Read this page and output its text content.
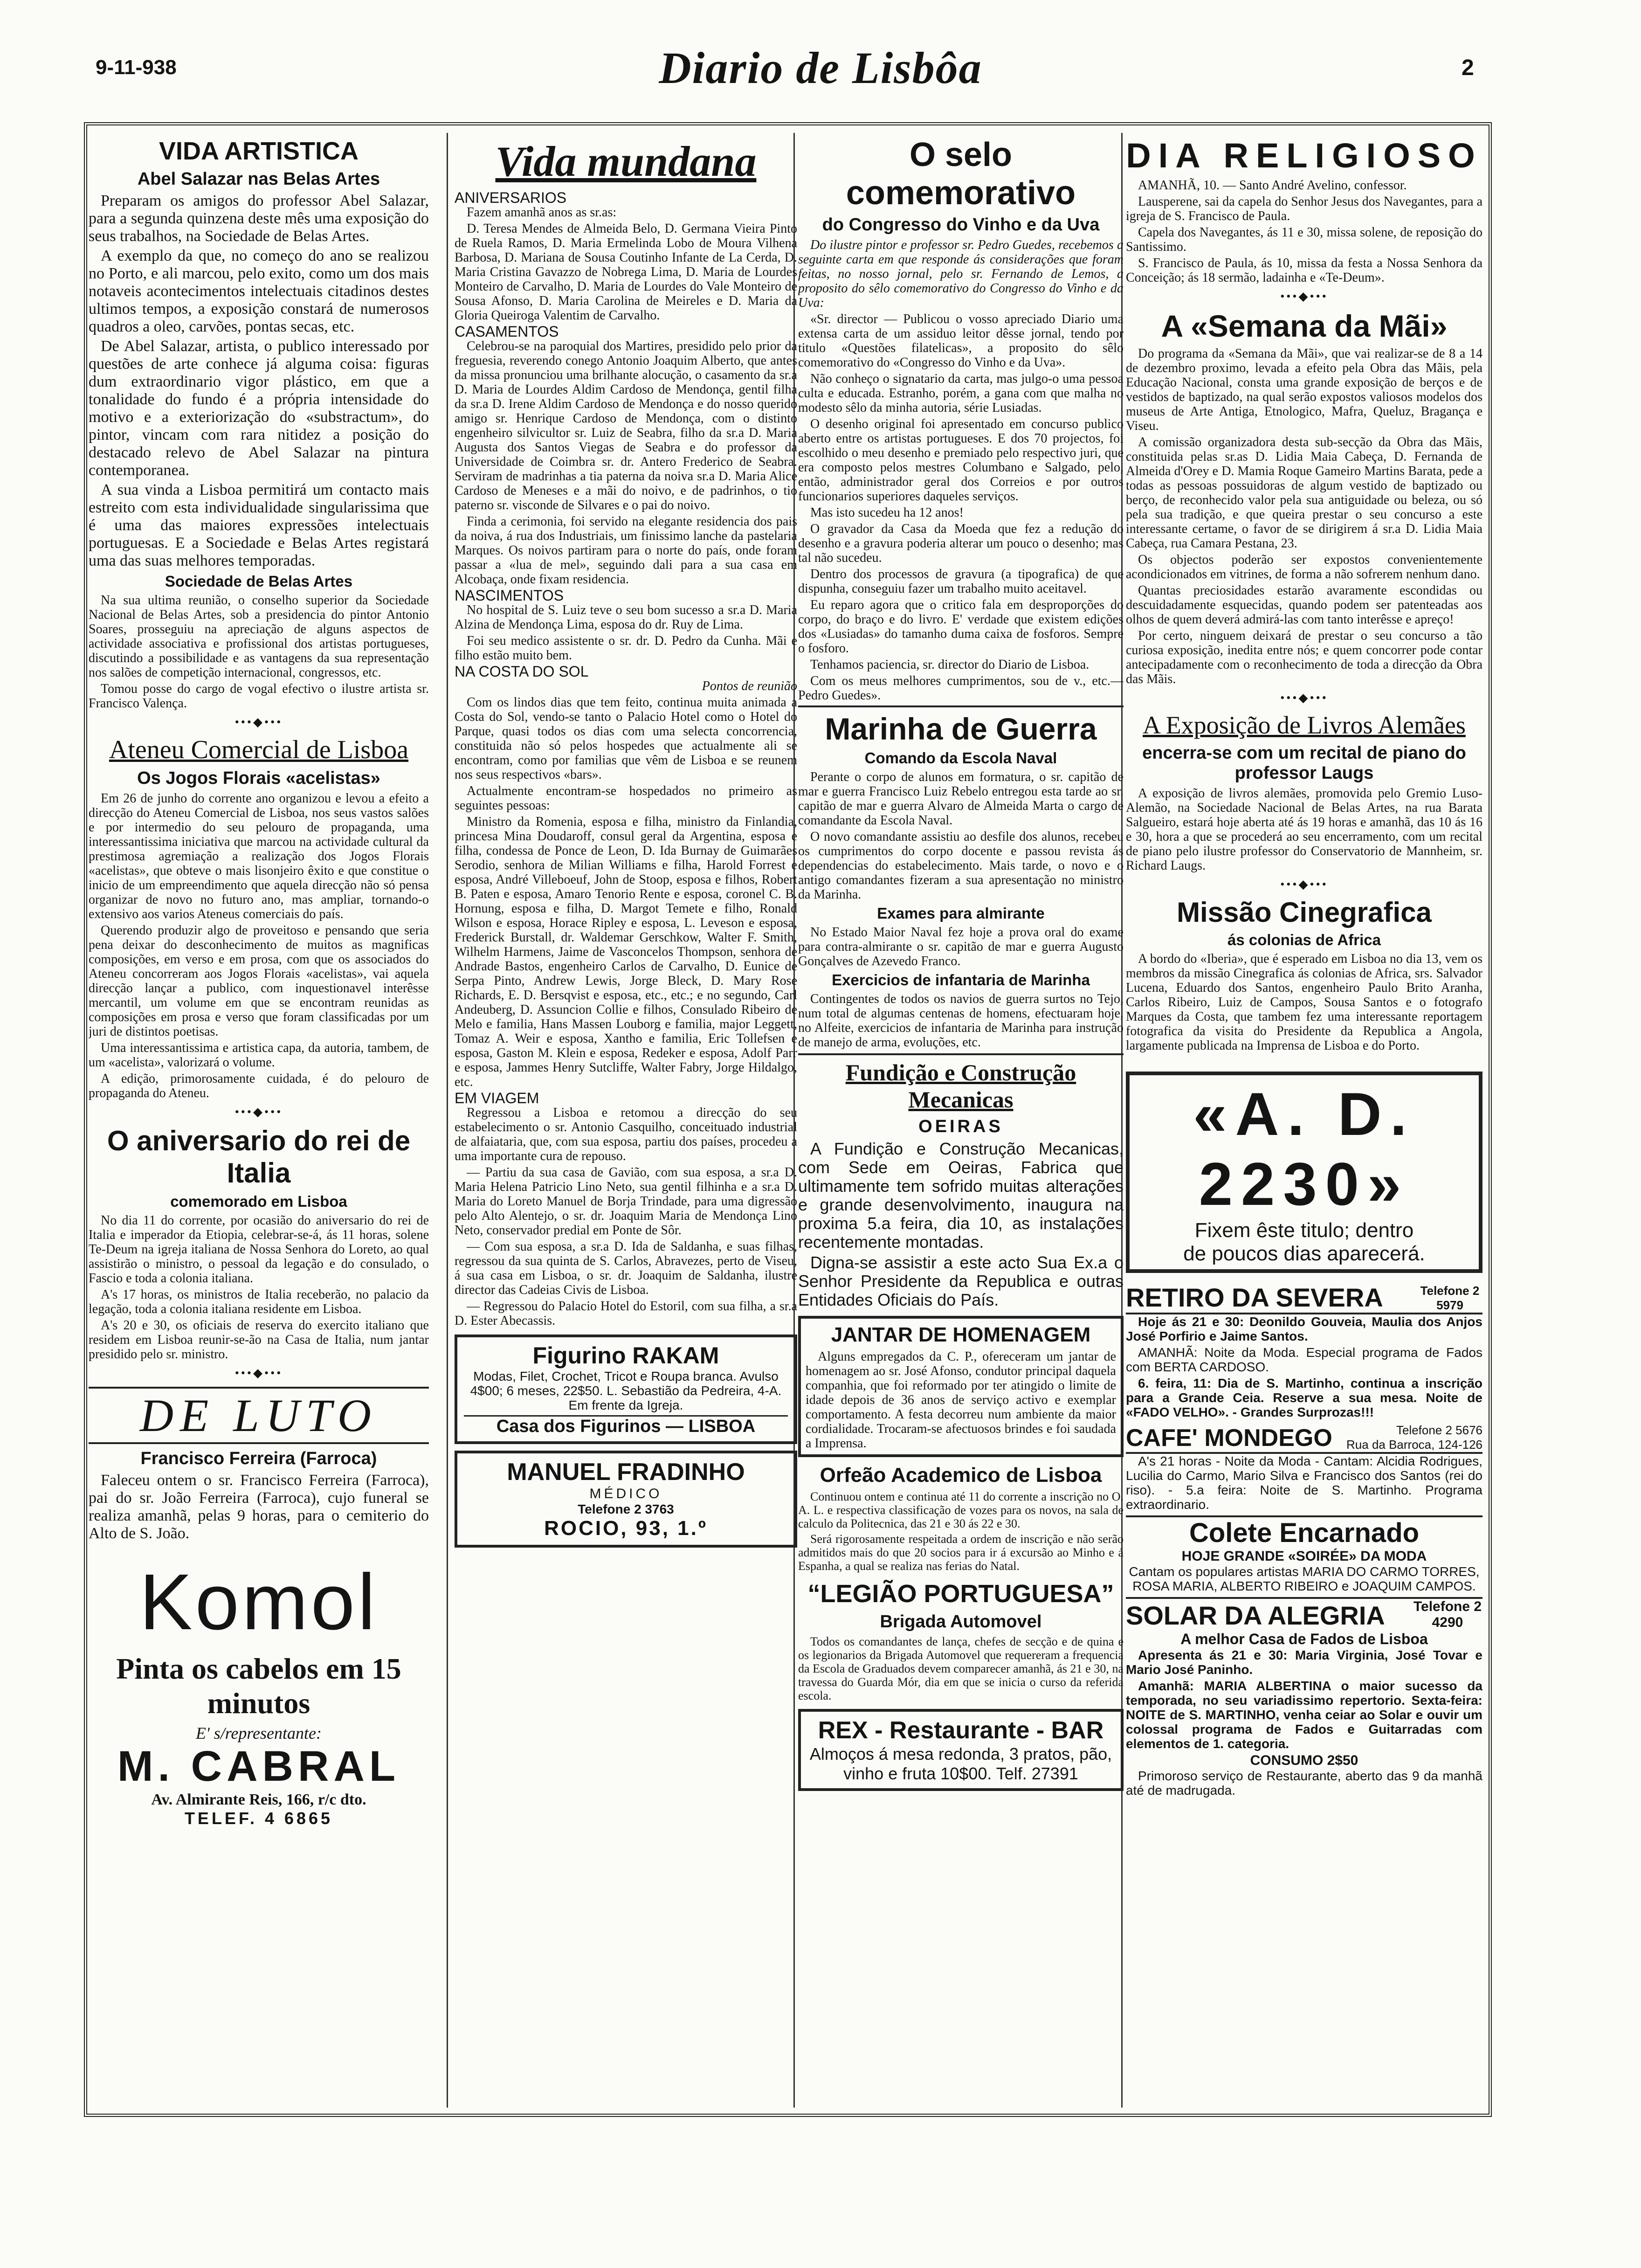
9-11-938	Diario de Lisbôa	2
VIDA ARTISTICA
Abel Salazar nas Belas Artes

Preparam os amigos do professor Abel Salazar, para a segunda quinzena deste mês uma exposição do seus trabalhos, na Sociedade de Belas Artes.

A exemplo da que, no começo do ano se realizou no Porto, e ali marcou, pelo exito, como um dos mais notaveis acontecimentos intelectuais citadinos destes ultimos tempos, a exposição constará de numerosos quadros a oleo, carvões, pontas secas, etc.

De Abel Salazar, artista, o publico interessado por questões de arte conhece já alguma coisa: figuras dum extraordinario vigor plástico, em que a tonalidade do fundo é a própria intensidade do motivo e a exteriorização do «substractum», do pintor, vincam com rara nitidez a posição do destacado relevo de Abel Salazar na pintura contemporanea.

A sua vinda a Lisboa permitirá um contacto mais estreito com esta individualidade singularissima que é uma das maiores expressões intelectuais portuguesas. E a Sociedade e Belas Artes registará uma das suas melhores temporadas.

Sociedade de Belas Artes

Na sua ultima reunião, o conselho superior da Sociedade Nacional de Belas Artes, sob a presidencia do pintor Antonio Soares, prosseguiu na apreciação de alguns aspectos de actividade associativa e profissional dos artistas portugueses, discutindo a possibilidade e as vantagens da sua representação nos salões de competição internacional, congressos, etc.

Tomou posse do cargo de vogal efectivo o ilustre artista sr. Francisco Valença.

•••◆•••
Ateneu Comercial de Lisboa
Os Jogos Florais «acelistas»

Em 26 de junho do corrente ano organizou e levou a efeito a direcção do Ateneu Comercial de Lisboa, nos seus vastos salões e por intermedio do seu pelouro de propaganda, uma interessantissima iniciativa que marcou na actividade cultural da prestimosa agremiação a realização dos Jogos Florais «acelistas», que obteve o mais lisonjeiro êxito e que constitue o inicio de um empreendimento que aquela direcção não só pensa organizar de novo no futuro ano, mas ampliar, tornando-o extensivo aos varios Ateneus comerciais do país.

Querendo produzir algo de proveitoso e pensando que seria pena deixar do desconhecimento de muitos as magnificas composições, em verso e em prosa, com que os associados do Ateneu concorreram aos Jogos Florais «acelistas», vai aquela direcção lançar a publico, com inquestionavel interêsse mercantil, um volume em que se encontram reunidas as composições em prosa e verso que foram classificadas por um juri de distintos poetisas.

Uma interessantissima e artistica capa, da autoria, tambem, de um «acelista», valorizará o volume.

A edição, primorosamente cuidada, é do pelouro de propaganda do Ateneu.

•••◆•••
O aniversario do rei de Italia
comemorado em Lisboa

No dia 11 do corrente, por ocasião do aniversario do rei de Italia e imperador da Etiopia, celebrar-se-á, ás 11 horas, solene Te-Deum na igreja italiana de Nossa Senhora do Loreto, ao qual assistirão o ministro, o pessoal da legação e do consulado, o Fascio e toda a colonia italiana.

A's 17 horas, os ministros de Italia receberão, no palacio da legação, toda a colonia italiana residente em Lisboa.

A's 20 e 30, os oficiais de reserva do exercito italiano que residem em Lisboa reunir-se-ão na Casa de Italia, num jantar presidido pelo sr. ministro.

•••◆•••
DE LUTO
Francisco Ferreira (Farroca)

Faleceu ontem o sr. Francisco Ferreira (Farroca), pai do sr. João Ferreira (Farroca), cujo funeral se realiza amanhã, pelas 9 horas, para o cemiterio do Alto de S. João.

Komol
Pinta os cabelos em 15 minutos
E' s/representante:
M. CABRAL
Av. Almirante Reis, 166, r/c dto.
TELEF. 4 6865
Vida mundana

ANIVERSARIOS

Fazem amanhã anos as sr.as:

D. Teresa Mendes de Almeida Belo, D. Germana Vieira Pinto de Ruela Ramos, D. Maria Ermelinda Lobo de Moura Vilhena Barbosa, D. Mariana de Sousa Coutinho Infante de La Cerda, D. Maria Cristina Gavazzo de Nobrega Lima, D. Maria de Lourdes Monteiro de Carvalho, D. Maria de Lourdes do Vale Monteiro de Sousa Afonso, D. Maria Carolina de Meireles e D. Maria da Gloria Queiroga Valentim de Carvalho.

CASAMENTOS

Celebrou-se na paroquial dos Martires, presidido pelo prior da freguesia, reverendo conego Antonio Joaquim Alberto, que antes da missa pronunciou uma brilhante alocução, o casamento da sr.a D. Maria de Lourdes Aldim Cardoso de Mendonça, gentil filha da sr.a D. Irene Aldim Cardoso de Mendonça e do nosso querido amigo sr. Henrique Cardoso de Mendonça, com o distinto engenheiro silvicultor sr. Luiz de Seabra, filho da sr.a D. Maria Augusta dos Santos Viegas de Seabra e do professor da Universidade de Coimbra sr. dr. Antero Frederico de Seabra. Serviram de madrinhas a tia paterna da noiva sr.a D. Maria Alice Cardoso de Meneses e a mãi do noivo, e de padrinhos, o tio paterno sr. visconde de Silvares e o pai do noivo.

Finda a cerimonia, foi servido na elegante residencia dos pais da noiva, á rua dos Industriais, um finissimo lanche da pastelaria Marques. Os noivos partiram para o norte do país, onde foram passar a «lua de mel», seguindo dali para a sua casa em Alcobaça, onde fixam residencia.

NASCIMENTOS

No hospital de S. Luiz teve o seu bom sucesso a sr.a D. Maria Alzina de Mendonça Lima, esposa do dr. Ruy de Lima.

Foi seu medico assistente o sr. dr. D. Pedro da Cunha. Mãi e filho estão muito bem.

NA COSTA DO SOL

Pontos de reunião

Com os lindos dias que tem feito, continua muita animada a Costa do Sol, vendo-se tanto o Palacio Hotel como o Hotel do Parque, quasi todos os dias com uma selecta concorrencia, constituida não só pelos hospedes que actualmente ali se encontram, como por familias que vêm de Lisboa e se reunem nos seus respectivos «bars».

Actualmente encontram-se hospedados no primeiro as seguintes pessoas:

Ministro da Romenia, esposa e filha, ministro da Finlandia, princesa Mina Doudaroff, consul geral da Argentina, esposa e filha, condessa de Ponce de Leon, D. Ida Burnay de Guimarães Serodio, senhora de Milian Williams e filha, Harold Forrest e esposa, André Villeboeuf, John de Stoop, esposa e filhos, Robert B. Paten e esposa, Amaro Tenorio Rente e esposa, coronel C. B. Hornung, esposa e filha, D. Margot Temete e filho, Ronald Wilson e esposa, Horace Ripley e esposa, L. Leveson e esposa, Frederick Burstall, dr. Waldemar Gerschkow, Walter F. Smith, Wilhelm Harmens, Jaime de Vasconcelos Thompson, senhora de Andrade Bastos, engenheiro Carlos de Carvalho, D. Eunice de Serpa Pinto, Andrew Lewis, Jorge Bleck, D. Mary Rose Richards, E. D. Bersqvist e esposa, etc., etc.; e no segundo, Carl Andeuberg, D. Assuncion Collie e filhos, Consulado Ribeiro de Melo e familia, Hans Massen Louborg e familia, major Leggett, Tomaz A. Weir e esposa, Xantho e familia, Eric Tollefsen e esposa, Gaston M. Klein e esposa, Redeker e esposa, Adolf Parr e esposa, Jammes Henry Sutcliffe, Walter Fabry, Jorge Hildalgo, etc.

EM VIAGEM

Regressou a Lisboa e retomou a direcção do seu estabelecimento o sr. Antonio Casquilho, conceituado industrial de alfaiataria, que, com sua esposa, partiu dos países, procedeu a uma importante cura de repouso.

— Partiu da sua casa de Gavião, com sua esposa, a sr.a D. Maria Helena Patricio Lino Neto, sua gentil filhinha e a sr.a D. Maria do Loreto Manuel de Borja Trindade, para uma digressão pelo Alto Alentejo, o sr. dr. Joaquim Maria de Mendonça Lino Neto, conservador predial em Ponte de Sôr.

— Com sua esposa, a sr.a D. Ida de Saldanha, e suas filhas, regressou da sua quinta de S. Carlos, Abravezes, perto de Viseu, á sua casa em Lisboa, o sr. dr. Joaquim de Saldanha, ilustre director das Cadeias Civis de Lisboa.

— Regressou do Palacio Hotel do Estoril, com sua filha, a sr.a D. Ester Abecassis.

Figurino RAKAM
Modas, Filet, Crochet, Tricot e Roupa branca. Avulso 4$00; 6 meses, 22$50. L. Sebastião da Pedreira, 4-A. Em frente da Igreja.
Casa dos Figurinos — LISBOA
MANUEL FRADINHO
MÉDICO
Telefone 2 3763
ROCIO, 93, 1.º
O selo comemorativo
do Congresso do Vinho e da Uva

Do ilustre pintor e professor sr. Pedro Guedes, recebemos a seguinte carta em que responde ás considerações que foram feitas, no nosso jornal, pelo sr. Fernando de Lemos, a proposito do sêlo comemorativo do Congresso do Vinho e da Uva:

«Sr. director — Publicou o vosso apreciado Diario uma extensa carta de um assiduo leitor dêsse jornal, tendo por titulo «Questões filatelicas», a proposito do sêlo comemorativo do «Congresso do Vinho e da Uva».

Não conheço o signatario da carta, mas julgo-o uma pessoa culta e educada. Estranho, porém, a gana com que malha no modesto sêlo da minha autoria, série Lusiadas.

O desenho original foi apresentado em concurso publico aberto entre os artistas portugueses. E dos 70 projectos, foi escolhido o meu desenho e premiado pelo respectivo juri, que era composto pelos mestres Columbano e Salgado, pelo, então, administrador geral dos Correios e por outros funcionarios superiores daqueles serviços.

Mas isto sucedeu ha 12 anos!

O gravador da Casa da Moeda que fez a redução do desenho e a gravura poderia alterar um pouco o desenho; mas tal não sucedeu.

Dentro dos processos de gravura (a tipografica) de que dispunha, conseguiu fazer um trabalho muito aceitavel.

Eu reparo agora que o critico fala em desproporções do corpo, do braço e do livro. E' verdade que existem edições dos «Lusiadas» do tamanho duma caixa de fosforos. Sempre o fosforo.

Tenhamos paciencia, sr. director do Diario de Lisboa.

Com os meus melhores cumprimentos, sou de v., etc.—Pedro Guedes».

Marinha de Guerra
Comando da Escola Naval

Perante o corpo de alunos em formatura, o sr. capitão de mar e guerra Francisco Luiz Rebelo entregou esta tarde ao sr. capitão de mar e guerra Alvaro de Almeida Marta o cargo de comandante da Escola Naval.

O novo comandante assistiu ao desfile dos alunos, recebeu os cumprimentos do corpo docente e passou revista ás dependencias do estabelecimento. Mais tarde, o novo e o antigo comandantes fizeram a sua apresentação no ministro da Marinha.

Exames para almirante

No Estado Maior Naval fez hoje a prova oral do exame para contra-almirante o sr. capitão de mar e guerra Augusto Gonçalves de Azevedo Franco.

Exercicios de infantaria de Marinha

Contingentes de todos os navios de guerra surtos no Tejo, num total de algumas centenas de homens, efectuaram hoje, no Alfeite, exercicios de infantaria de Marinha para instrução de manejo de arma, evoluções, etc.

Fundição e Construção Mecanicas
OEIRAS

A Fundição e Construção Mecanicas, com Sede em Oeiras, Fabrica que ultimamente tem sofrido muitas alterações e grande desenvolvimento, inaugura na proxima 5.a feira, dia 10, as instalações recentemente montadas.

Digna-se assistir a este acto Sua Ex.a o Senhor Presidente da Republica e outras Entidades Oficiais do País.

JANTAR DE HOMENAGEM

Alguns empregados da C. P., ofereceram um jantar de homenagem ao sr. José Afonso, condutor principal daquela companhia, que foi reformado por ter atingido o limite de idade depois de 36 anos de serviço activo e exemplar comportamento. A festa decorreu num ambiente da maior cordialidade. Trocaram-se afectuosos brindes e foi saudada a Imprensa.

Orfeão Academico de Lisboa

Continuou ontem e continua até 11 do corrente a inscrição no O. A. L. e respectiva classificação de vozes para os novos, na sala de calculo da Politecnica, das 21 e 30 ás 22 e 30.

Será rigorosamente respeitada a ordem de inscrição e não serão admitidos mais do que 20 socios para ir á excursão ao Minho e á Espanha, a qual se realiza nas ferias do Natal.

“LEGIÃO PORTUGUESA”
Brigada Automovel

Todos os comandantes de lança, chefes de secção e de quina e os legionarios da Brigada Automovel que requereram a frequencia da Escola de Graduados devem comparecer amanhã, ás 21 e 30, na travessa do Guarda Mór, dia em que se inicia o curso da referida escola.

REX - Restaurante - BAR
Almoços á mesa redonda, 3 pratos, pão, vinho e fruta 10$00. Telf. 27391
DIA RELIGIOSO

AMANHÃ, 10. — Santo André Avelino, confessor.

Lausperene, sai da capela do Senhor Jesus dos Navegantes, para a igreja de S. Francisco de Paula.

Capela dos Navegantes, ás 11 e 30, missa solene, de reposição do Santissimo.

S. Francisco de Paula, ás 10, missa da festa a Nossa Senhora da Conceição; ás 18 sermão, ladainha e «Te-Deum».

•••◆•••
A «Semana da Mãi»

Do programa da «Semana da Mãi», que vai realizar-se de 8 a 14 de dezembro proximo, levada a efeito pela Obra das Mãis, pela Educação Nacional, consta uma grande exposição de berços e de vestidos de baptizado, na qual serão expostos valiosos modelos dos museus de Arte Antiga, Etnologico, Mafra, Queluz, Bragança e Viseu.

A comissão organizadora desta sub-secção da Obra das Mãis, constituida pelas sr.as D. Lidia Maia Cabeça, D. Fernanda de Almeida d'Orey e D. Mamia Roque Gameiro Martins Barata, pede a todas as pessoas possuidoras de algum vestido de baptizado ou berço, de reconhecido valor pela sua antiguidade ou beleza, ou só pela sua tradição, e que queira prestar o seu concurso a este interessante certame, o favor de se dirigirem á sr.a D. Lidia Maia Cabeça, rua Camara Pestana, 23.

Os objectos poderão ser expostos convenientemente acondicionados em vitrines, de forma a não sofrerem nenhum dano.

Quantas preciosidades estarão avaramente escondidas ou descuidadamente esquecidas, quando podem ser patenteadas aos olhos de quem deverá admirá-las com tanto interêsse e apreço!

Por certo, ninguem deixará de prestar o seu concurso a tão curiosa exposição, inedita entre nós; e quem concorrer pode contar antecipadamente com o reconhecimento de toda a direcção da Obra das Mãis.

•••◆•••
A Exposição de Livros Alemães
encerra-se com um recital de piano do professor Laugs

A exposição de livros alemães, promovida pelo Gremio Luso-Alemão, na Sociedade Nacional de Belas Artes, na rua Barata Salgueiro, estará hoje aberta até ás 19 horas e amanhã, das 10 ás 16 e 30, hora a que se procederá ao seu encerramento, com um recital de piano pelo ilustre professor do Conservatorio de Mannheim, sr. Richard Laugs.

•••◆•••
Missão Cinegrafica
ás colonias de Africa

A bordo do «Iberia», que é esperado em Lisboa no dia 13, vem os membros da missão Cinegrafica ás colonias de Africa, srs. Salvador Lucena, Eduardo dos Santos, engenheiro Paulo Brito Aranha, Carlos Ribeiro, Luiz de Campos, Sousa Santos e o fotografo Marques da Costa, que tambem fez uma interessante reportagem fotografica da visita do Presidente da Republica a Angola, largamente publicada na Imprensa de Lisboa e do Porto.

«A. D. 2230»
Fixem êste titulo; dentro
de poucos dias aparecerá.
RETIRO DA SEVERA	Telefone 2 5979

Hoje ás 21 e 30: Deonildo Gouveia, Maulia dos Anjos José Porfirio e Jaime Santos.

AMANHÃ: Noite da Moda. Especial programa de Fados com BERTA CARDOSO.

6. feira, 11: Dia de S. Martinho, continua a inscrição para a Grande Ceia. Reserve a sua mesa. Noite de «FADO VELHO». - Grandes Surprozas!!!

CAFE' MONDEGO	Telefone 2 5676
Rua da Barroca, 124-126

A's 21 horas - Noite da Moda - Cantam: Alcidia Rodrigues, Lucilia do Carmo, Mario Silva e Francisco dos Santos (rei do riso). - 5.a feira: Noite de S. Martinho. Programa extraordinario.

Colete Encarnado
HOJE GRANDE «SOIRÉE» DA MODA

Cantam os populares artistas MARIA DO CARMO TORRES, ROSA MARIA, ALBERTO RIBEIRO e JOAQUIM CAMPOS.

SOLAR DA ALEGRIA Telefone 2 4290
A melhor Casa de Fados de Lisboa

Apresenta ás 21 e 30: Maria Virginia, José Tovar e Mario José Paninho.

Amanhã: MARIA ALBERTINA o maior sucesso da temporada, no seu variadissimo repertorio. Sexta-feira: NOITE de S. MARTINHO, venha ceiar ao Solar e ouvir um colossal programa de Fados e Guitarradas com elementos de 1. categoria.

CONSUMO 2$50

Primoroso serviço de Restaurante, aberto das 9 da manhã até de madrugada.
